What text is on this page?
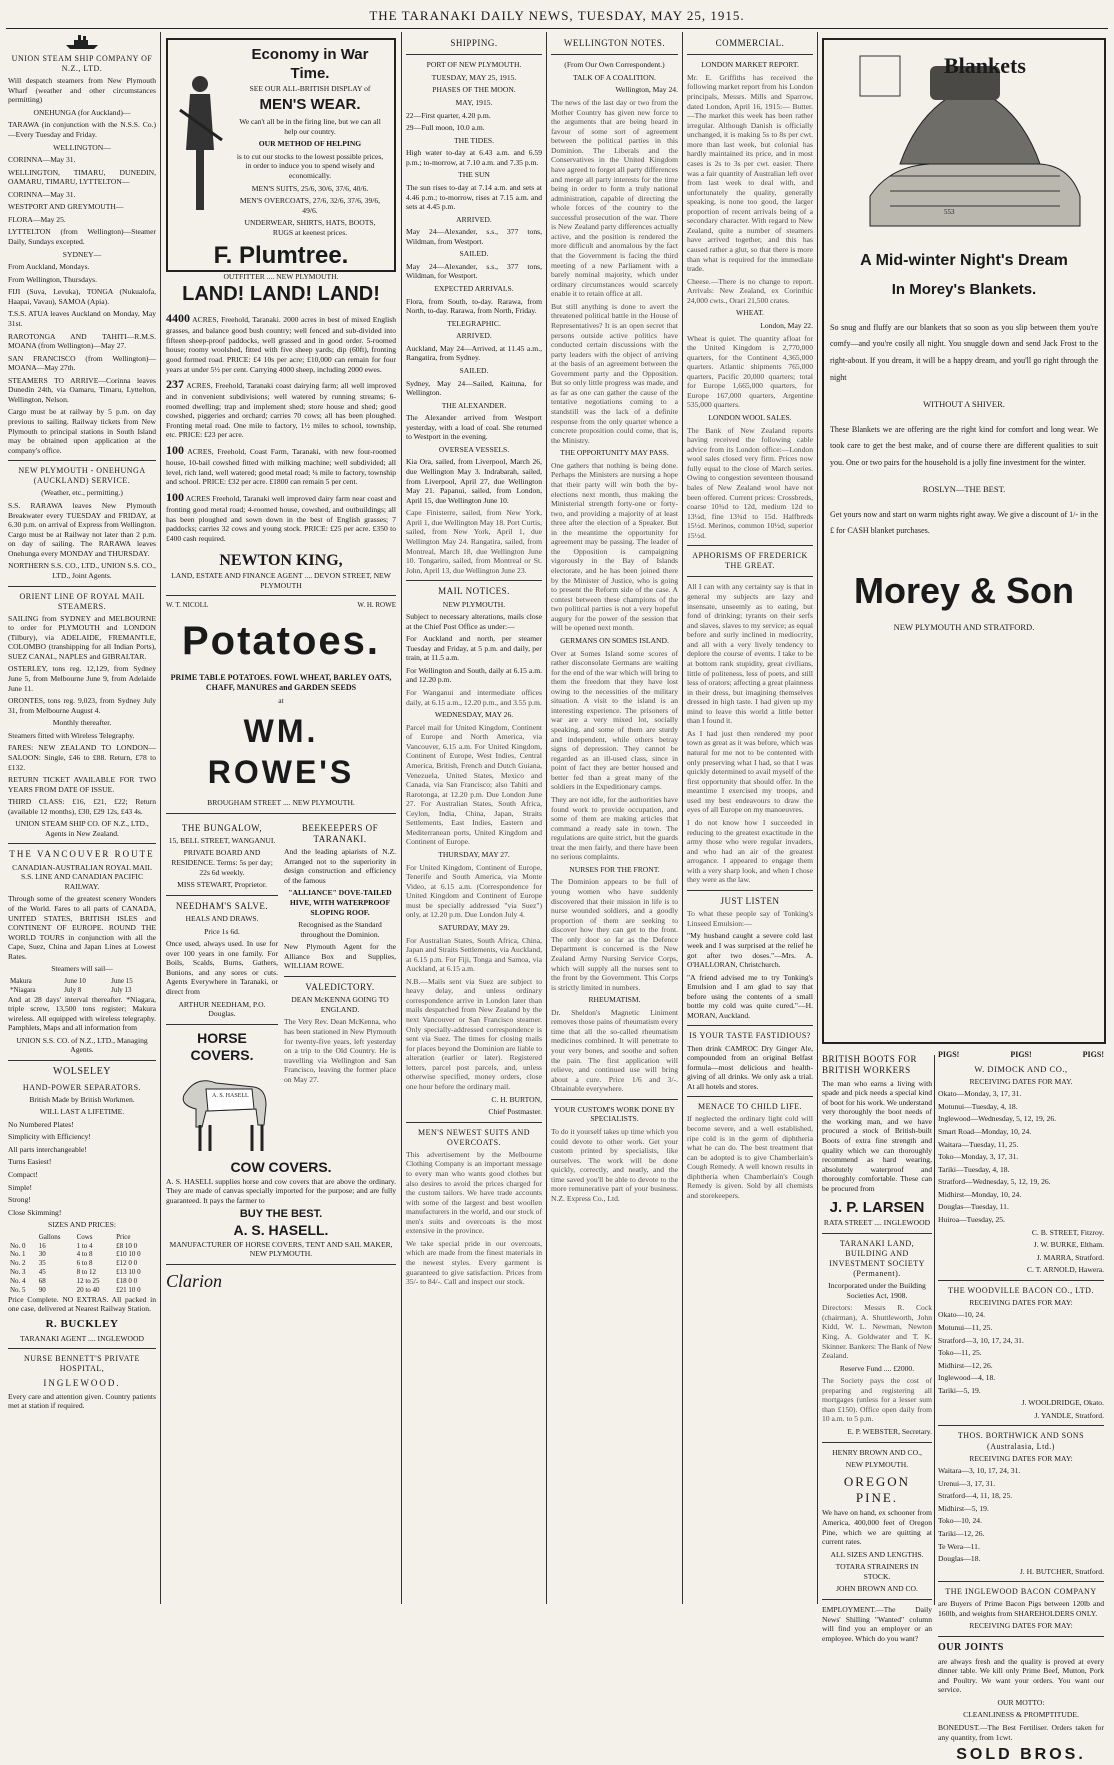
THE TARANAKI DAILY NEWS, TUESDAY, MAY 25, 1915.
UNION STEAM SHIP COMPANY OF N.Z., LTD.

Will despatch steamers from New Plymouth Wharf (weather and other circumstances permitting)

ONEHUNGA (for Auckland)—

TARAWA (in conjunction with the N.S.S. Co.)—Every Tuesday and Friday.

WELLINGTON—

CORINNA—May 31.

WELLINGTON, TIMARU, DUNEDIN, OAMARU, TIMARU, LYTTELTON—

CORINNA—May 31.

WESTPORT AND GREYMOUTH—

FLORA—May 25.

LYTTELTON (from Wellington)—Steamer Daily, Sundays excepted.

SYDNEY—

From Auckland, Mondays.

From Wellington, Thursdays.

FIJI (Suva, Levuka), TONGA (Nukualofa, Haapai, Vavau), SAMOA (Apia).

T.S.S. ATUA leaves Auckland on Monday, May 31st.

RAROTONGA AND TAHITI—R.M.S. MOANA (from Wellington)—May 27.

SAN FRANCISCO (from Wellington)—MOANA—May 27th.

STEAMERS TO ARRIVE—Corinna leaves Dunedin 24th, via Oamaru, Timaru, Lyttelton, Wellington, Nelson.

Cargo must be at railway by 5 p.m. on day previous to sailing. Railway tickets from New Plymouth to principal stations in South Island may be obtained upon application at the company's office.

NEW PLYMOUTH - ONEHUNGA (AUCKLAND) SERVICE.

(Weather, etc., permitting.)

S.S. RARAWA leaves New Plymouth Breakwater every TUESDAY and FRIDAY, at 6.30 p.m. on arrival of Express from Wellington. Cargo must be at Railway not later than 2 p.m. on day of sailing. The RARAWA leaves Onehunga every MONDAY and THURSDAY.

NORTHERN S.S. CO., LTD., UNION S.S. CO., LTD., Joint Agents.

ORIENT LINE OF ROYAL MAIL STEAMERS.

SAILING from SYDNEY and MELBOURNE to order for PLYMOUTH and LONDON (Tilbury), via ADELAIDE, FREMANTLE, COLOMBO (transhipping for all Indian Ports), SUEZ CANAL, NAPLES and GIBRALTAR.

OSTERLEY, tons reg. 12,129, from Sydney June 5, from Melbourne June 9, from Adelaide June 11.

ORONTES, tons reg. 9,023, from Sydney July 31, from Melbourne August 4.

Monthly thereafter.

Steamers fitted with Wireless Telegraphy.

FARES: NEW ZEALAND TO LONDON—SALOON: Single, £46 to £88. Return, £78 to £132.

RETURN TICKET AVAILABLE FOR TWO YEARS FROM DATE OF ISSUE.

THIRD CLASS: £16, £21, £22; Return (available 12 months), £30, £29 12s, £43 4s.

UNION STEAM SHIP CO. OF N.Z., LTD., Agents in New Zealand.

THE VANCOUVER ROUTE

CANADIAN-AUSTRALIAN ROYAL MAIL S.S. LINE AND CANADIAN PACIFIC RAILWAY.

Through some of the greatest scenery Wonders of the World. Fares to all parts of CANADA, UNITED STATES, BRITISH ISLES and CONTINENT OF EUROPE. ROUND THE WORLD TOURS in conjunction with all the Cape, Suez, China and Japan Lines at Lowest Rates.

Steamers will sail—

Makura	June 10	June 15
*Niagara	July 8	July 13

And at 28 days' interval thereafter. *Niagara, triple screw, 13,500 tons register; Makura wireless. All equipped with wireless telegraphy. Pamphlets, Maps and all information from

UNION S.S. CO. of N.Z., LTD., Managing Agents.

WOLSELEY
HAND-POWER SEPARATORS.

British Made by British Workmen.

WILL LAST A LIFETIME.

No Numbered Plates!

Simplicity with Efficiency!

All parts interchangeable!

Turns Easiest!

Compact!

Simple!

Strong!

Close Skimming!

SIZES AND PRICES:

	Gallons	Cows	Price
No. 0	16	1 to 4	£8 10 0
No. 1	30	4 to 8	£10 10 0
No. 2	35	6 to 8	£12 0 0
No. 3	45	8 to 12	£13 10 0
No. 4	68	12 to 25	£18 0 0
No. 5	90	20 to 40	£21 10 0

Price Complete. NO EXTRAS. All packed in one case, delivered at Nearest Railway Station.

R. BUCKLEY

TARANAKI AGENT .... INGLEWOOD

NURSE BENNETT'S PRIVATE HOSPITAL,
INGLEWOOD.

Every care and attention given. Country patients met at station if required.

Economy in War Time.

SEE OUR ALL-BRITISH DISPLAY of

MEN'S WEAR.

We can't all be in the firing line, but we can all help our country.

OUR METHOD OF HELPING

is to cut our stocks to the lowest possible prices, in order to induce you to spend wisely and economically.

MEN'S SUITS, 25/6, 30/6, 37/6, 40/6.

MEN'S OVERCOATS, 27/6, 32/6, 37/6, 39/6, 49/6.

UNDERWEAR, SHIRTS, HATS, BOOTS, RUGS at keenest prices.

F. Plumtree.

OUTFITTER .... NEW PLYMOUTH.

LAND! LAND! LAND!

4400 ACRES, Freehold, Taranaki. 2000 acres in best of mixed English grasses, and balance good bush country; well fenced and sub-divided into fifteen sheep-proof paddocks, well grassed and in good order. 5-roomed house; roomy woolshed, fitted with five sheep yards; dip (60ft), fronting good formed road. PRICE: £4 10s per acre; £10,000 can remain for four years at under 5½ per cent. Carrying 4000 sheep, including 2000 ewes.

237 ACRES, Freehold, Taranaki coast dairying farm; all well improved and in convenient subdivisions; well watered by running streams; 6-roomed dwelling; trap and implement shed; store house and shed; good cowshed, piggeries and orchard; carries 70 cows; all has been ploughed. Fronting metal road. One mile to factory, 1½ miles to school, township, etc. PRICE: £23 per acre.

100 ACRES, Freehold, Coast Farm, Taranaki, with new four-roomed house, 10-bail cowshed fitted with milking machine; well subdivided; all level, rich land, well watered; good metal road; ¼ mile to factory, township and school. PRICE: £32 per acre. £1800 can remain 5 per cent.

100 ACRES Freehold, Taranaki well improved dairy farm near coast and fronting good metal road; 4-roomed house, cowshed, and outbuildings; all has been ploughed and sown down in the best of English grasses; 7 paddocks; carries 32 cows and young stock. PRICE: £25 per acre. £350 to £400 cash required.

NEWTON KING,

LAND, ESTATE AND FINANCE AGENT .... DEVON STREET, NEW PLYMOUTH

W. T. NICOLL	W. H. ROWE
Potatoes.

PRIME TABLE POTATOES. FOWL WHEAT, BARLEY OATS, CHAFF, MANURES and GARDEN SEEDS

at

WM. ROWE'S

BROUGHAM STREET .... NEW PLYMOUTH.

THE BUNGALOW,

15, BELL STREET, WANGANUI.

PRIVATE BOARD AND RESIDENCE. Terms: 5s per day; 22s 6d weekly.

MISS STEWART, Proprietor.

NEEDHAM'S SALVE.

HEALS AND DRAWS.

Price 1s 6d.

Once used, always used. In use for over 100 years in one family. For Boils, Scalds, Burns, Gathers, Bunions, and any sores or cuts. Agents Everywhere in Taranaki, or direct from

ARTHUR NEEDHAM, P.O. Douglas.

HORSE COVERS.
A. S. HASELL
BEEKEEPERS OF TARANAKI.

And the leading apiarists of N.Z. Arranged not to the superiority in design construction and efficiency of the famous

"ALLIANCE" DOVE-TAILED HIVE, WITH WATERPROOF SLOPING ROOF.

Recognised as the Standard throughout the Dominion.

New Plymouth Agent for the Alliance Box and Supplies, WILLIAM ROWE.

VALEDICTORY.

DEAN McKENNA GOING TO ENGLAND.

The Very Rev. Dean McKenna, who has been stationed in New Plymouth for twenty-five years, left yesterday on a trip to the Old Country. He is travelling via Wellington and San Francisco, leaving the former place on May 27.

COW COVERS.

A. S. HASELL supplies horse and cow covers that are above the ordinary. They are made of canvas specially imported for the purpose; and are fully guaranteed. It pays the farmer to

BUY THE BEST.
A. S. HASELL.

MANUFACTURER OF HORSE COVERS, TENT AND SAIL MAKER, NEW PLYMOUTH.

Clarion
SHIPPING.

PORT OF NEW PLYMOUTH.

TUESDAY, MAY 25, 1915.

PHASES OF THE MOON.

MAY, 1915.

22—First quarter, 4.20 p.m.

29—Full moon, 10.0 a.m.

THE TIDES.

High water to-day at 6.43 a.m. and 6.59 p.m.; to-morrow, at 7.10 a.m. and 7.35 p.m.

THE SUN

The sun rises to-day at 7.14 a.m. and sets at 4.46 p.m.; to-morrow, rises at 7.15 a.m. and sets at 4.45 p.m.

ARRIVED.

May 24—Alexander, s.s., 377 tons, Wildman, from Westport.

SAILED.

May 24—Alexander, s.s., 377 tons, Wildman, for Westport.

EXPECTED ARRIVALS.

Flora, from South, to-day. Rarawa, from North, to-day. Rarawa, from North, Friday.

TELEGRAPHIC.

ARRIVED.

Auckland, May 24—Arrived, at 11.45 a.m., Rangatira, from Sydney.

SAILED.

Sydney, May 24—Sailed, Kaituna, for Wellington.

THE ALEXANDER.

The Alexander arrived from Westport yesterday, with a load of coal. She returned to Westport in the evening.

OVERSEA VESSELS.

Kia Ora, sailed, from Liverpool, March 26, due Wellington May 3. Indrabarah, sailed, from Liverpool, April 27, due Wellington May 21. Papanui, sailed, from London, April 15, due Wellington June 10.

Cape Finisterre, sailed, from New York, April 1, due Wellington May 18. Port Curtis, sailed, from New York, April 1, due Wellington May 24. Rangatira, sailed, from Montreal, March 18, due Wellington June 10. Tongariro, sailed, from Montreal or St. John, April 13, due Wellington June 23.

MAIL NOTICES.

NEW PLYMOUTH.

Subject to necessary alterations, mails close at the Chief Post Office as under:—

For Auckland and north, per steamer Tuesday and Friday, at 5 p.m. and daily, per train, at 11.5 a.m.

For Wellington and South, daily at 6.15 a.m. and 12.20 p.m.

For Wanganui and intermediate offices daily, at 6.15 a.m., 12.20 p.m., and 3.55 p.m.

WEDNESDAY, MAY 26.

Parcel mail for United Kingdom, Continent of Europe and North America, via Vancouver, 6.15 a.m. For United Kingdom, Continent of Europe, West Indies, Central America, British, French and Dutch Guiana, Venezuela, United States, Mexico and Canada, via San Francisco; also Tahiti and Rarotonga, at 12.20 p.m. Due London June 27. For Australian States, South Africa, Ceylon, India, China, Japan, Straits Settlements, East Indies, Eastern and Mediterranean ports, United Kingdom and Continent of Europe.

THURSDAY, MAY 27.

For United Kingdom, Continent of Europe, Tenerife and South America, via Monte Video, at 6.15 a.m. (Correspondence for United Kingdom and Continent of Europe must be specially addressed "via Suez") only, at 12.20 p.m. Due London July 4.

SATURDAY, MAY 29.

For Australian States, South Africa, China, Japan and Straits Settlements, via Auckland, at 6.15 p.m. For Fiji, Tonga and Samoa, via Auckland, at 6.15 a.m.

N.B.—Mails sent via Suez are subject to heavy delay, and unless ordinary correspondence arrive in London later than mails despatched from New Zealand by the next Vancouver or San Francisco steamer. Only specially-addressed correspondence is sent via Suez. The times for closing mails for places beyond the Dominion are liable to alteration (earlier or later). Registered letters, parcel post parcels, and, unless otherwise specified, money orders, close one hour before the ordinary mail.

C. H. BURTON,

Chief Postmaster.

MEN'S NEWEST SUITS AND OVERCOATS.

This advertisement by the Melbourne Clothing Company is an important message to every man who wants good clothes but also desires to avoid the prices charged for the custom tailors. We have trade accounts with some of the largest and best woollen manufacturers in the world, and our stock of men's suits and overcoats is the most extensive in the province.

We take special pride in our overcoats, which are made from the finest materials in the newest styles. Every garment is guaranteed to give satisfaction. Prices from 35/- to 84/-. Call and inspect our stock.

WELLINGTON NOTES.

(From Our Own Correspondent.)

TALK OF A COALITION.

Wellington, May 24.

The news of the last day or two from the Mother Country has given new force to the arguments that are being heard in favour of some sort of agreement between the political parties in this Dominion. The Liberals and the Conservatives in the United Kingdom have agreed to forget all party differences and merge all party interests for the time being in order to form a truly national administration, capable of directing the whole forces of the country to the successful prosecution of the war. There is New Zealand party differences actually active, and the position is rendered the more difficult and anomalous by the fact that the Government is facing the third meeting of a new Parliament with a barely nominal majority, which under ordinary circumstances would scarcely enable it to retain office at all.

But still anything is done to avert the threatened political battle in the House of Representatives? It is an open secret that persons outside active politics have conducted certain discussions with the party leaders with the object of arriving at the basis of an agreement between the Government party and the Opposition. But so only little progress was made, and as far as one can gather the cause of the tentative negotiations coming to a standstill was the lack of a definite response from the only quarter whence a concrete proposition could come, that is, the Ministry.

THE OPPORTUNITY MAY PASS.

One gathers that nothing is being done. Perhaps the Ministers are nursing a hope that their party will win both the by-elections next month, thus making the Ministerial strength forty-one or forty-two, and providing a majority of at least three after the election of a Speaker. But in the meantime the opportunity for agreement may be passing. The leader of the Opposition is campaigning vigorously in the Bay of Islands electorate, and he has been joined there by the Minister of Justice, who is going to present the Reform side of the case. A contest between these champions of the two political parties is not a very hopeful augury for the power of the session that will be opened next month.

GERMANS ON SOMES ISLAND.

Over at Somes Island some scores of rather disconsolate Germans are waiting for the end of the war which will bring to them the freedom that they have lost owing to the necessities of the military situation. A visit to the island is an interesting experience. The prisoners of war are a very mixed lot, socially speaking, and some of them are sturdy and independent, while others betray signs of depression. They cannot be regarded as an ill-used class, since in point of fact they are better housed and better fed than a great many of the soldiers in the Expeditionary camps.

They are not idle, for the authorities have found work to provide occupation, and some of them are making articles that command a ready sale in town. The regulations are quite strict, but the guards treat the men fairly, and there have been no serious complaints.

NURSES FOR THE FRONT.

The Dominion appears to be full of young women who have suddenly discovered that their mission in life is to nurse wounded soldiers, and a goodly proportion of them are seeking to discover how they can get to the front. The only door so far as the Defence Department is concerned is the New Zealand Army Nursing Service Corps, which will supply all the nurses sent to the front by the Government. This Corps is strictly limited in numbers.

RHEUMATISM.

Dr. Sheldon's Magnetic Liniment removes those pains of rheumatism every time that all the so-called rheumatism medicines combined. It will penetrate to your very bones, and soothe and soften the pain. The first application will relieve, and continued use will bring about a cure. Price 1/6 and 3/-. Obtainable everywhere.

YOUR CUSTOM'S WORK DONE BY SPECIALISTS.

To do it yourself takes up time which you could devote to other work. Get your custom printed by specialists, like ourselves. The work will be done quickly, correctly, and neatly, and the time saved you'll be able to devote to the more remunerative part of your business. N.Z. Express Co., Ltd.

COMMERCIAL.

LONDON MARKET REPORT.

Mr. E. Griffiths has received the following market report from his London principals, Messrs. Mills and Sparrow, dated London, April 16, 1915:— Butter.—The market this week has been rather irregular. Although Danish is officially unchanged, it is making 5s to 8s per cwt. more than last week, but colonial has hardly maintained its price, and in most cases is 2s to 3s per cwt. easier. There was a fair quantity of Australian left over from last week to deal with, and unfortunately the quality, generally speaking, is none too good, the larger proportion of recent arrivals being of a secondary character. With regard to New Zealand, quite a number of steamers have arrived together, and this has caused rather a glut, so that there is more than what is required for the immediate trade.

Cheese.—There is no change to report. Arrivals: New Zealand, ex Corinthic 24,000 cwts., Orari 21,500 crates.

WHEAT.

London, May 22.

Wheat is quiet. The quantity afloat for the United Kingdom is 2,770,000 quarters, for the Continent 4,365,000 quarters. Atlantic shipments 765,000 quarters, Pacific 20,000 quarters; total for Europe 1,665,000 quarters, for Europe 167,000 quarters, Argentine 535,000 quarters.

LONDON WOOL SALES.

The Bank of New Zealand reports having received the following cable advice from its London office:—London wool sales closed very firm. Prices now fully equal to the close of March series. Owing to congestion seventeen thousand bales of New Zealand wool have not been offered. Current prices: Crossbreds, coarse 10¾d to 12d, medium 12d to 13¼d, fine 13¾d to 15d. Halfbreds 15½d. Merinos, common 10½d, superior 15½d.

APHORISMS OF FREDERICK THE GREAT.

All I can with any certainty say is that in general my subjects are lazy and insensate, unseemly as to eating, but fond of drinking; tyrants on their serfs and slaves, slaves to my service; as equal before and surly inclined in mediocrity, and all with a very lively tendency to deplore the course of events. I take to be at bottom rank stupidity, great civilians, little of politeness, less of poets, and still less of orators; affecting a great plainness in their dress, but imagining themselves dressed in high taste. I had given up my mind to leave this world a little better than I found it.

As I had just then rendered my poor town as great as it was before, which was natural for me not to be contented with only preserving what I had, so that I was quickly determined to avail myself of the first opportunity that should offer. In the meantime I exercised my troops, and used my best endeavours to draw the eyes of all Europe on my manoeuvres.

I do not know how I succeeded in reducing to the greatest exactitude in the army those who were regular invaders, and who had an air of the greatest arrogance. I appeared to engage them with a very sharp look, and when I chose they were as the law.

JUST LISTEN

To what these people say of Tonking's Linseed Emulsion:—

"My husband caught a severe cold last week and I was surprised at the relief he got after two doses."—Mrs. A. O'HALLORAN, Christchurch.

"A friend advised me to try Tonking's Emulsion and I am glad to say that before using the contents of a small bottle my cold was quite cured."—H. MORAN, Auckland.

IS YOUR TASTE FASTIDIOUS?

Then drink CAMROC Dry Ginger Ale, compounded from an original Belfast formula—most delicious and health-giving of all drinks. We only ask a trial. At all hotels and stores.

MENACE TO CHILD LIFE.

If neglected the ordinary light cold will become severe, and a well established, ripe cold is in the germ of diphtheria what he can do. The best treatment that can be adopted is to give Chamberlain's Cough Remedy. A well known results in diphtheria when Chamberlain's Cough Remedy is given. Sold by all chemists and storekeepers.

Blankets
553
A Mid-winter Night's Dream
In Morey's Blankets.

So snug and fluffy are our blankets that so soon as you slip between them you're comfy—and you're cosily all night. You snuggle down and send Jack Frost to the right-about. If you dream, it will be a happy dream, and you'll go right through the night

WITHOUT A SHIVER.

These Blankets we are offering are the right kind for comfort and long wear. We took care to get the best make, and of course there are different qualities to suit you. One or two pairs for the household is a jolly fine investment for the winter.

ROSLYN—THE BEST.

Get yours now and start on warm nights right away. We give a discount of 1/- in the £ for CASH blanket purchases.

Morey & Son

NEW PLYMOUTH AND STRATFORD.

BRITISH BOOTS FOR BRITISH WORKERS

The man who earns a living with spade and pick needs a special kind of boot for his work. We understand very thoroughly the boot needs of the working man, and we have procured a stock of British-built Boots of extra fine strength and quality which we can thoroughly recommend as hard wearing, absolutely waterproof and thoroughly comfortable. These can be procured from

J. P. LARSEN

RATA STREET .... INGLEWOOD

TARANAKI LAND, BUILDING AND INVESTMENT SOCIETY (Permanent).

Incorporated under the Building Societies Act, 1908.

Directors: Messrs R. Cock (chairman), A. Shuttleworth, John Kidd, W. L. Newman, Newton King, A. Goldwater and T. K. Skinner. Bankers: The Bank of New Zealand.

Reserve Fund .... £2000.

The Society pays the cost of preparing and registering all mortgages (unless for a lesser sum than £150). Office open daily from 10 a.m. to 5 p.m.

E. P. WEBSTER, Secretary.

HENRY BROWN AND CO.,

NEW PLYMOUTH.

OREGON PINE.

We have on hand, ex schooner from America, 400,000 feet of Oregon Pine, which we are quitting at current rates.

ALL SIZES AND LENGTHS.

TOTARA STRAINERS IN STOCK.

JOHN BROWN AND CO.

EMPLOYMENT.—The Daily News' Shilling "Wanted" column will find you an employer or an employee. Which do you want?

PIGS!	PIGS!	PIGS!
W. DIMOCK AND CO.,

RECEIVING DATES FOR MAY.

Okato—Monday, 3, 17, 31.

Motunui—Tuesday, 4, 18.

Inglewood—Wednesday, 5, 12, 19, 26.

Smart Road—Monday, 10, 24.

Waitara—Tuesday, 11, 25.

Toko—Monday, 3, 17, 31.

Tariki—Tuesday, 4, 18.

Stratford—Wednesday, 5, 12, 19, 26.

Midhirst—Monday, 10, 24.

Douglas—Tuesday, 11.

Huiroa—Tuesday, 25.

C. B. STREET, Fitzroy.

J. W. BURKE, Eltham.

J. MARRA, Stratford.

C. T. ARNOLD, Hawera.

THE WOODVILLE BACON CO., LTD.

RECEIVING DATES FOR MAY:

Okato—10, 24.

Motunui—11, 25.

Stratford—3, 10, 17, 24, 31.

Toko—11, 25.

Midhirst—12, 26.

Inglewood—4, 18.

Tariki—5, 19.

J. WOOLDRIDGE, Okato.

J. YANDLE, Stratford.

THOS. BORTHWICK AND SONS (Australasia, Ltd.)

RECEIVING DATES FOR MAY:

Waitara—3, 10, 17, 24, 31.

Urenui—3, 17, 31.

Stratford—4, 11, 18, 25.

Midhirst—5, 19.

Toko—10, 24.

Tariki—12, 26.

Te Wera—11.

Douglas—18.

J. H. BUTCHER, Stratford.

THE INGLEWOOD BACON COMPANY

are Buyers of Prime Bacon Pigs between 120lb and 160lb, and weights from SHAREHOLDERS ONLY.

RECEIVING DATES FOR MAY:

OUR JOINTS

are always fresh and the quality is proved at every dinner table. We kill only Prime Beef, Mutton, Pork and Poultry. We want your orders. You want our service.

OUR MOTTO:

CLEANLINESS & PROMPTITUDE.

BONEDUST.—The Best Fertiliser. Orders taken for any quantity, from 1cwt.

SOLD BROS.
